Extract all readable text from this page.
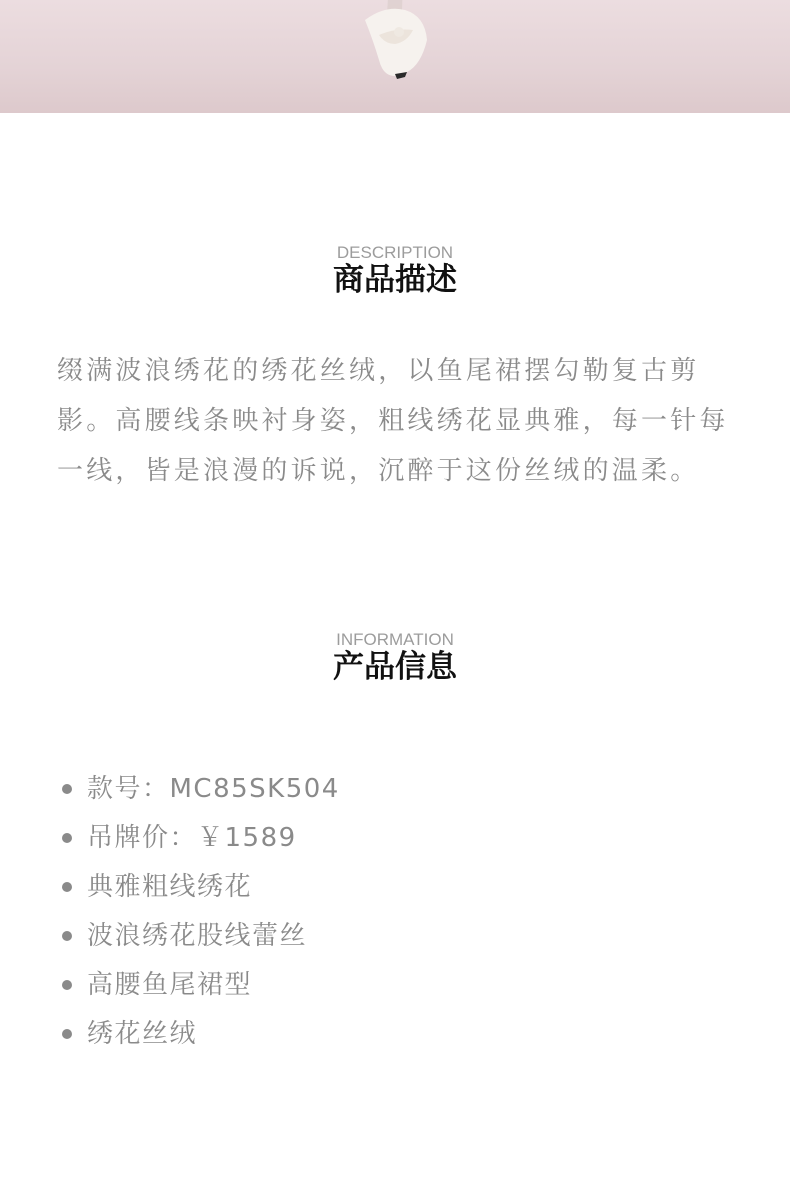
DESCRIPTION
商品描述

缀满波浪绣花的绣花丝绒，以鱼尾裙摆勾勒复古剪影。高腰线条映衬身姿，粗线绣花显典雅，每一针每一线，皆是浪漫的诉说，沉醉于这份丝绒的温柔。

INFORMATION
产品信息
款号：MC85SK504
吊牌价：￥1589
典雅粗线绣花
波浪绣花股线蕾丝
高腰鱼尾裙型
绣花丝绒
